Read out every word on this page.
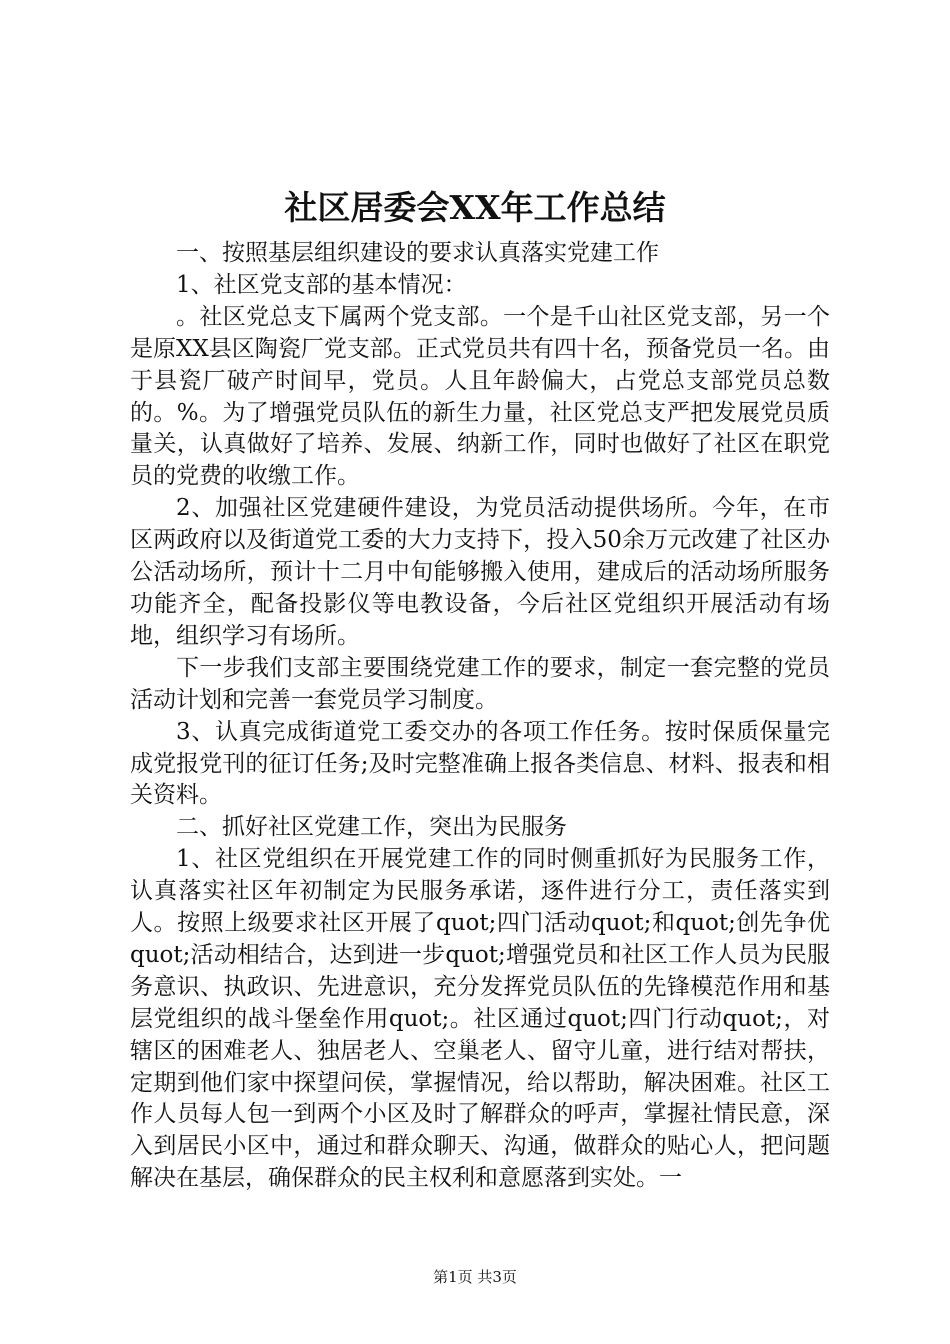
社区居委会XX年工作总结

一、按照基层组织建设的要求认真落实党建工作

1、社区党支部的基本情况：

。社区党总支下属两个党支部。一个是千山社区党支部，另一个是原XX县区陶瓷厂党支部。正式党员共有四十名，预备党员一名。由于县瓷厂破产时间早，党员。人且年龄偏大，占党总支部党员总数的。%。为了增强党员队伍的新生力量，社区党总支严把发展党员质量关，认真做好了培养、发展、纳新工作，同时也做好了社区在职党员的党费的收缴工作。

2、加强社区党建硬件建设，为党员活动提供场所。今年，在市区两政府以及街道党工委的大力支持下，投入50余万元改建了社区办公活动场所，预计十二月中旬能够搬入使用，建成后的活动场所服务功能齐全，配备投影仪等电教设备，今后社区党组织开展活动有场地，组织学习有场所。

下一步我们支部主要围绕党建工作的要求，制定一套完整的党员活动计划和完善一套党员学习制度。

3、认真完成街道党工委交办的各项工作任务。按时保质保量完成党报党刊的征订任务;及时完整准确上报各类信息、材料、报表和相关资料。

二、抓好社区党建工作，突出为民服务

1、社区党组织在开展党建工作的同时侧重抓好为民服务工作，认真落实社区年初制定为民服务承诺，逐件进行分工，责任落实到人。按照上级要求社区开展了quot;四门活动quot;和quot;创先争优quot;活动相结合，达到进一步quot;增强党员和社区工作人员为民服务意识、执政识、先进意识，充分发挥党员队伍的先锋模范作用和基层党组织的战斗堡垒作用quot;。社区通过quot;四门行动quot;，对辖区的困难老人、独居老人、空巢老人、留守儿童，进行结对帮扶，定期到他们家中探望问侯，掌握情况，给以帮助，解决困难。社区工作人员每人包一到两个小区及时了解群众的呼声，掌握社情民意，深入到居民小区中，通过和群众聊天、沟通，做群众的贴心人，把问题解决在基层，确保群众的民主权利和意愿落到实处。一

第1页 共3页
